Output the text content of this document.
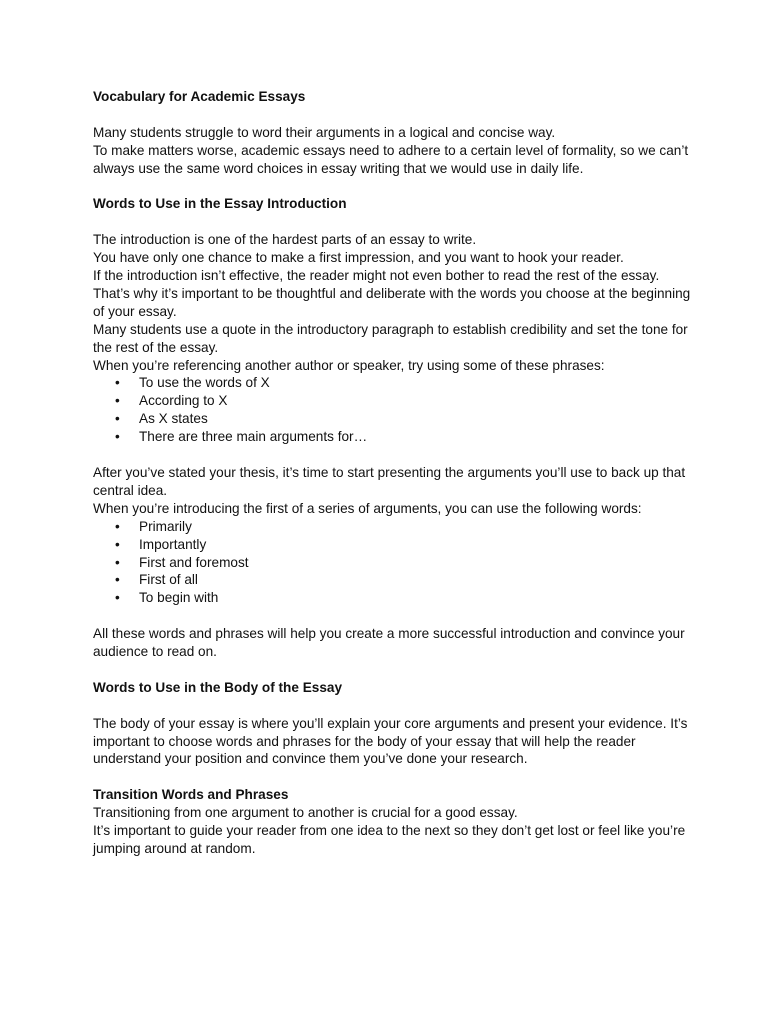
Vocabulary for Academic Essays

Many students struggle to word their arguments in a logical and concise way.

To make matters worse, academic essays need to adhere to a certain level of formality, so we can’t always use the same word choices in essay writing that we would use in daily life.

Words to Use in the Essay Introduction

The introduction is one of the hardest parts of an essay to write.

You have only one chance to make a first impression, and you want to hook your reader.

If the introduction isn’t effective, the reader might not even bother to read the rest of the essay.

That’s why it’s important to be thoughtful and deliberate with the words you choose at the beginning of your essay.

Many students use a quote in the introductory paragraph to establish credibility and set the tone for the rest of the essay.

When you’re referencing another author or speaker, try using some of these phrases:

• To use the words of X
• According to X
• As X states
• There are three main arguments for…

After you’ve stated your thesis, it’s time to start presenting the arguments you’ll use to back up that central idea.

When you’re introducing the first of a series of arguments, you can use the following words:

• Primarily
• Importantly
• First and foremost
• First of all
• To begin with

All these words and phrases will help you create a more successful introduction and convince your audience to read on.

Words to Use in the Body of the Essay

The body of your essay is where you’ll explain your core arguments and present your evidence. It’s important to choose words and phrases for the body of your essay that will help the reader understand your position and convince them you’ve done your research.

Transition Words and Phrases

Transitioning from one argument to another is crucial for a good essay.

It’s important to guide your reader from one idea to the next so they don’t get lost or feel like you’re jumping around at random.
